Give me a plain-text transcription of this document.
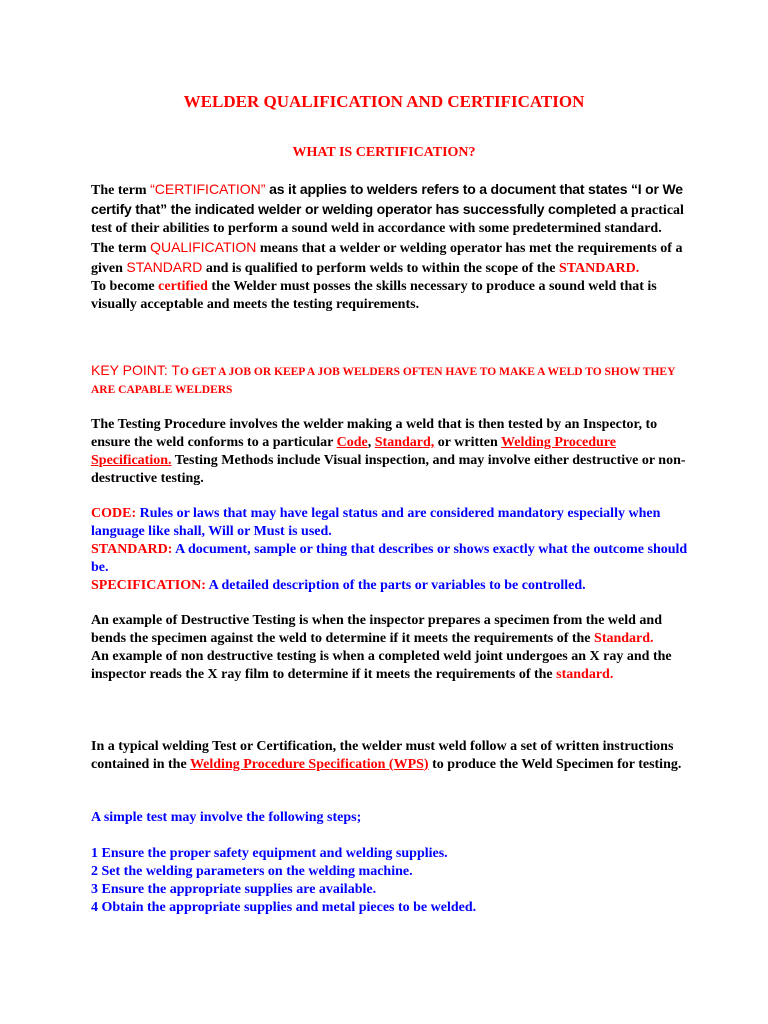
WELDER QUALIFICATION AND CERTIFICATION
WHAT IS CERTIFICATION?

The term “CERTIFICATION” as it applies to welders refers to a document that states “I or We certify that” the indicated welder or welding operator has successfully completed a practical test of their abilities to perform a sound weld in accordance with some predetermined standard.

The term QUALIFICATION means that a welder or welding operator has met the requirements of a given STANDARD and is qualified to perform welds to within the scope of the STANDARD.

To become certified the Welder must posses the skills necessary to produce a sound weld that is visually acceptable and meets the testing requirements.

KEY POINT: TO GET A JOB OR KEEP A JOB WELDERS OFTEN HAVE TO MAKE A WELD TO SHOW THEY ARE CAPABLE WELDERS
The Testing Procedure involves the welder making a weld that is then tested by an Inspector, to ensure the weld conforms to a particular Code, Standard, or written Welding Procedure Specification. Testing Methods include Visual inspection, and may involve either destructive or non-destructive testing.

CODE: Rules or laws that may have legal status and are considered mandatory especially when language like shall, Will or Must is used.

STANDARD: A document, sample or thing that describes or shows exactly what the outcome should be.

SPECIFICATION: A detailed description of the parts or variables to be controlled.

An example of Destructive Testing is when the inspector prepares a specimen from the weld and bends the specimen against the weld to determine if it meets the requirements of the Standard.

An example of non destructive testing is when a completed weld joint undergoes an X ray and the inspector reads the X ray film to determine if it meets the requirements of the standard.

In a typical welding Test or Certification, the welder must weld follow a set of written instructions contained in the Welding Procedure Specification (WPS) to produce the Weld Specimen for testing.
A simple test may involve the following steps;

1 Ensure the proper safety equipment and welding supplies.

2 Set the welding parameters on the welding machine.

3 Ensure the appropriate supplies are available.

4 Obtain the appropriate supplies and metal pieces to be welded.
